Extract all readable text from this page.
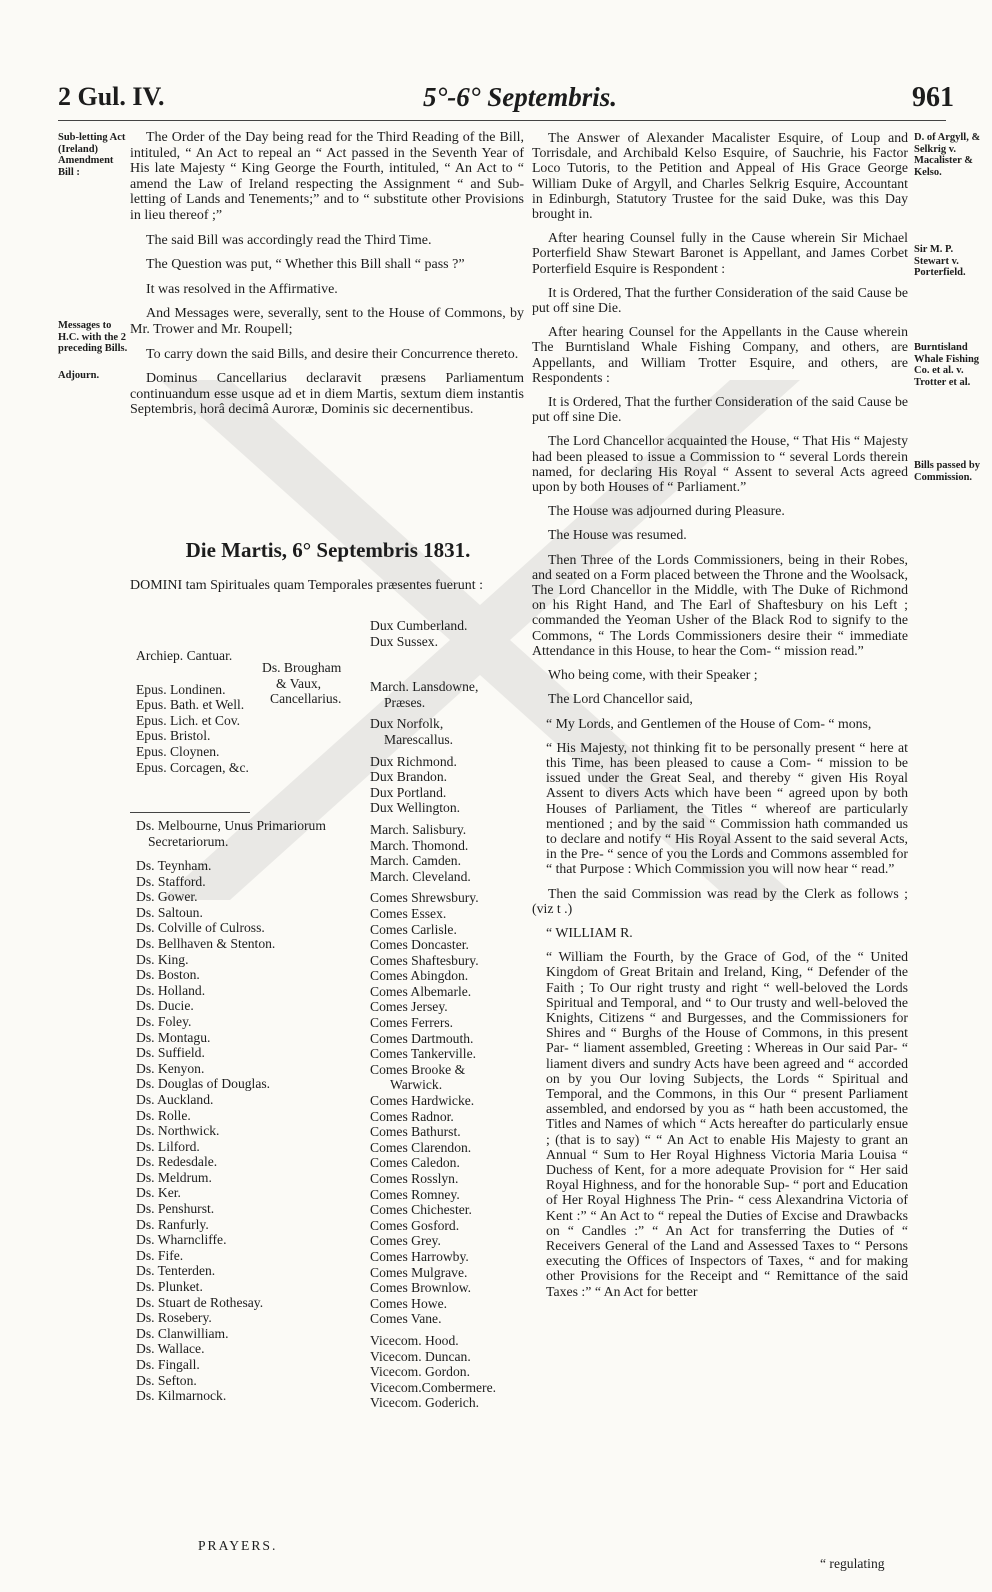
2 Gul. IV.	5°-6° Septembris.	961
Sub-letting Act (Ireland) Amendment Bill :
Messages to H.C. with the 2 preceding Bills.
Adjourn.

The Order of the Day being read for the Third Reading of the Bill, intituled, “ An Act to repeal an “ Act passed in the Seventh Year of His late Majesty “ King George the Fourth, intituled, “ An Act to “ amend the Law of Ireland respecting the Assignment “ and Sub-letting of Lands and Tenements;” and to “ substitute other Provisions in lieu thereof ;”

The said Bill was accordingly read the Third Time.

The Question was put, “ Whether this Bill shall “ pass ?”

It was resolved in the Affirmative.

And Messages were, severally, sent to the House of Commons, by Mr. Trower and Mr. Roupell;

To carry down the said Bills, and desire their Concurrence thereto.

Dominus Cancellarius declaravit præsens Parliamentum continuandum esse usque ad et in diem Martis, sextum diem instantis Septembris, horâ decimâ Auroræ, Dominis sic decernentibus.

Die Martis, 6° Septembris 1831.
DOMINI tam Spirituales quam Temporales præsentes fuerunt :
Archiep. Cantuar.
Epus. Londinen.
Epus. Bath. et Well.
Epus. Lich. et Cov.
Epus. Bristol.
Epus. Cloynen.
Epus. Corcagen, &c.
Ds. Brougham
& Vaux,
Cancellarius.
Ds. Melbourne, Unus Primariorum
Secretariorum.
Ds. Teynham.
Ds. Stafford.
Ds. Gower.
Ds. Saltoun.
Ds. Colville of Culross.
Ds. Bellhaven & Stenton.
Ds. King.
Ds. Boston.
Ds. Holland.
Ds. Ducie.
Ds. Foley.
Ds. Montagu.
Ds. Suffield.
Ds. Kenyon.
Ds. Douglas of Douglas.
Ds. Auckland.
Ds. Rolle.
Ds. Northwick.
Ds. Lilford.
Ds. Redesdale.
Ds. Meldrum.
Ds. Ker.
Ds. Penshurst.
Ds. Ranfurly.
Ds. Wharncliffe.
Ds. Fife.
Ds. Tenterden.
Ds. Plunket.
Ds. Stuart de Rothesay.
Ds. Rosebery.
Ds. Clanwilliam.
Ds. Wallace.
Ds. Fingall.
Ds. Sefton.
Ds. Kilmarnock.
Dux Cumberland.
Dux Sussex.
March. Lansdowne,
Præses.
Dux Norfolk,
Marescallus.
Dux Richmond.
Dux Brandon.
Dux Portland.
Dux Wellington.
March. Salisbury.
March. Thomond.
March. Camden.
March. Cleveland.
Comes Shrewsbury.
Comes Essex.
Comes Carlisle.
Comes Doncaster.
Comes Shaftesbury.
Comes Abingdon.
Comes Albemarle.
Comes Jersey.
Comes Ferrers.
Comes Dartmouth.
Comes Tankerville.
Comes Brooke &
Warwick.
Comes Hardwicke.
Comes Radnor.
Comes Bathurst.
Comes Clarendon.
Comes Caledon.
Comes Rosslyn.
Comes Romney.
Comes Chichester.
Comes Gosford.
Comes Grey.
Comes Harrowby.
Comes Mulgrave.
Comes Brownlow.
Comes Howe.
Comes Vane.
Vicecom. Hood.
Vicecom. Duncan.
Vicecom. Gordon.
Vicecom.Combermere.
Vicecom. Goderich.
PRAYERS.
D. of Argyll, & Selkrig v. Macalister & Kelso.
Sir M. P. Stewart v. Porterfield.
Burntisland Whale Fishing Co. et al. v. Trotter et al.
Bills passed by Commission.

The Answer of Alexander Macalister Esquire, of Loup and Torrisdale, and Archibald Kelso Esquire, of Sauchrie, his Factor Loco Tutoris, to the Petition and Appeal of His Grace George William Duke of Argyll, and Charles Selkrig Esquire, Accountant in Edinburgh, Statutory Trustee for the said Duke, was this Day brought in.

After hearing Counsel fully in the Cause wherein Sir Michael Porterfield Shaw Stewart Baronet is Appellant, and James Corbet Porterfield Esquire is Respondent :

It is Ordered, That the further Consideration of the said Cause be put off sine Die.

After hearing Counsel for the Appellants in the Cause wherein The Burntisland Whale Fishing Company, and others, are Appellants, and William Trotter Esquire, and others, are Respondents :

It is Ordered, That the further Consideration of the said Cause be put off sine Die.

The Lord Chancellor acquainted the House, “ That His “ Majesty had been pleased to issue a Commission to “ several Lords therein named, for declaring His Royal “ Assent to several Acts agreed upon by both Houses of “ Parliament.”

The House was adjourned during Pleasure.

The House was resumed.

Then Three of the Lords Commissioners, being in their Robes, and seated on a Form placed between the Throne and the Woolsack, The Lord Chancellor in the Middle, with The Duke of Richmond on his Right Hand, and The Earl of Shaftesbury on his Left ; commanded the Yeoman Usher of the Black Rod to signify to the Commons, “ The Lords Commissioners desire their “ immediate Attendance in this House, to hear the Com- “ mission read.”

Who being come, with their Speaker ;

The Lord Chancellor said,

“ My Lords, and Gentlemen of the House of Com- “ mons,

“ His Majesty, not thinking fit to be personally present “ here at this Time, has been pleased to cause a Com- “ mission to be issued under the Great Seal, and thereby “ given His Royal Assent to divers Acts which have been “ agreed upon by both Houses of Parliament, the Titles “ whereof are particularly mentioned ; and by the said “ Commission hath commanded us to declare and notify “ His Royal Assent to the said several Acts, in the Pre- “ sence of you the Lords and Commons assembled for “ that Purpose : Which Commission you will now hear “ read.”

Then the said Commission was read by the Clerk as follows ; (viz t .)

“ WILLIAM R.

“ William the Fourth, by the Grace of God, of the “ United Kingdom of Great Britain and Ireland, King, “ Defender of the Faith ; To Our right trusty and right “ well-beloved the Lords Spiritual and Temporal, and “ to Our trusty and well-beloved the Knights, Citizens “ and Burgesses, and the Commissioners for Shires and “ Burghs of the House of Commons, in this present Par- “ liament assembled, Greeting : Whereas in Our said Par- “ liament divers and sundry Acts have been agreed and “ accorded on by you Our loving Subjects, the Lords “ Spiritual and Temporal, and the Commons, in this Our “ present Parliament assembled, and endorsed by you as “ hath been accustomed, the Titles and Names of which “ Acts hereafter do particularly ensue ; (that is to say) “ “ An Act to enable His Majesty to grant an Annual “ Sum to Her Royal Highness Victoria Maria Louisa “ Duchess of Kent, for a more adequate Provision for “ Her said Royal Highness, and for the honorable Sup- “ port and Education of Her Royal Highness The Prin- “ cess Alexandrina Victoria of Kent :” “ An Act to “ repeal the Duties of Excise and Drawbacks on “ Candles :” “ An Act for transferring the Duties of “ Receivers General of the Land and Assessed Taxes to “ Persons executing the Offices of Inspectors of Taxes, “ and for making other Provisions for the Receipt and “ Remittance of the said Taxes :” “ An Act for better

“ regulating
